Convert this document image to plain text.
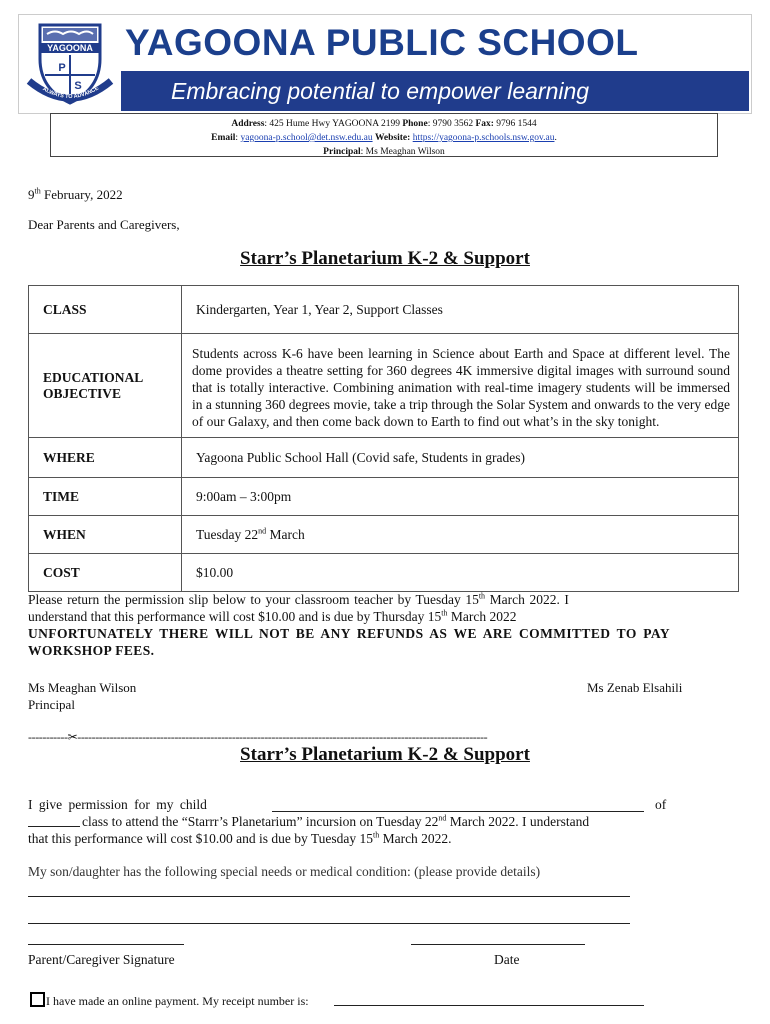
YAGOONA
P
S
ALWAYS TO ADVANCE
YAGOONA PUBLIC SCHOOL
Embracing potential to empower learning
Address: 425 Hume Hwy YAGOONA 2199 Phone: 9790 3562 Fax: 9796 1544
Email: yagoona-p.school@det.nsw.edu.au Website: https://yagoona-p.schools.nsw.gov.au.
Principal: Ms Meaghan Wilson
9th February, 2022
Dear Parents and Caregivers,
Starr’s Planetarium K-2 & Support
CLASS	Kindergarten, Year 1, Year 2, Support Classes

EDUCATIONAL
OBJECTIVE	Students across K-6 have been learning in Science about Earth and Space at different level. The dome provides a theatre setting for 360 degrees 4K immersive digital images with surround sound that is totally interactive. Combining animation with real-time imagery students will be immersed in a stunning 360 degrees movie, take a trip through the Solar System and onwards to the very edge of our Galaxy, and then come back down to Earth to find out what’s in the sky tonight.
WHERE	Yagoona Public School Hall (Covid safe, Students in grades)
TIME	9:00am – 3:00pm
WHEN	Tuesday 22nd March
COST	$10.00
Please return the permission slip below to your classroom teacher by Tuesday 15th March 2022. I
understand that this performance will cost $10.00 and is due by Thursday 15th March 2022
UNFORTUNATELY THERE WILL NOT BE ANY REFUNDS AS WE ARE COMMITTED TO PAY WORKSHOP FEES.
Ms Meaghan Wilson
Principal
Ms Zenab Elsahili
-----------✂------------------------------------------------------------------------------------------------------------------
Starr’s Planetarium K-2 & Support
I give permission for my child	of
class to attend the “Starrr’s Planetarium” incursion on Tuesday 22nd March 2022. I understand
that this performance will cost $10.00 and is due by Tuesday 15th March 2022.
My son/daughter has the following special needs or medical condition: (please provide details)
Parent/Caregiver Signature	Date
I have made an online payment. My receipt number is:
